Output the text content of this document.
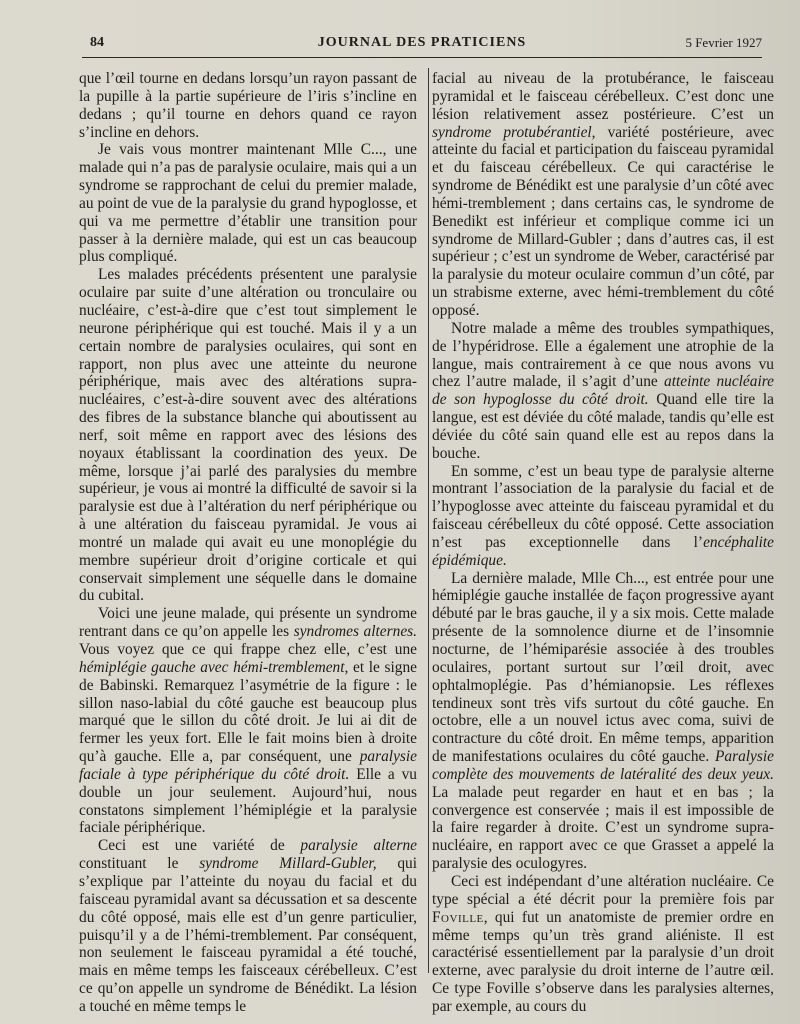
84	JOURNAL DES PRATICIENS	5 Fevrier 1927

que l’œil tourne en dedans lorsqu’un rayon passant de la pupille à la partie supérieure de l’iris s’incline en dedans ; qu’il tourne en dehors quand ce rayon s’incline en dehors.

Je vais vous montrer maintenant Mlle C..., une malade qui n’a pas de paralysie oculaire, mais qui a un syndrome se rapprochant de celui du premier malade, au point de vue de la paralysie du grand hypoglosse, et qui va me permettre d’établir une transition pour passer à la dernière malade, qui est un cas beaucoup plus compliqué.

Les malades précédents présentent une paralysie oculaire par suite d’une altération ou tronculaire ou nucléaire, c’est-à-dire que c’est tout simplement le neurone périphérique qui est touché. Mais il y a un certain nombre de paralysies oculaires, qui sont en rapport, non plus avec une atteinte du neurone périphérique, mais avec des altérations supra-nucléaires, c’est-à-dire souvent avec des altérations des fibres de la substance blanche qui aboutissent au nerf, soit même en rapport avec des lésions des noyaux établissant la coordination des yeux. De même, lorsque j’ai parlé des paralysies du membre supérieur, je vous ai montré la difficulté de savoir si la paralysie est due à l’altération du nerf périphérique ou à une altération du faisceau pyramidal. Je vous ai montré un malade qui avait eu une monoplégie du membre supérieur droit d’origine corticale et qui conservait simplement une séquelle dans le domaine du cubital.

Voici une jeune malade, qui présente un syndrome rentrant dans ce qu’on appelle les syndromes alternes. Vous voyez que ce qui frappe chez elle, c’est une hémiplégie gauche avec hémi-tremblement, et le signe de Babinski. Remarquez l’asymétrie de la figure : le sillon naso-labial du côté gauche est beaucoup plus marqué que le sillon du côté droit. Je lui ai dit de fermer les yeux fort. Elle le fait moins bien à droite qu’à gauche. Elle a, par conséquent, une paralysie faciale à type périphérique du côté droit. Elle a vu double un jour seulement. Aujourd’hui, nous constatons simplement l’hémiplégie et la paralysie faciale périphérique.

Ceci est une variété de paralysie alterne constituant le syndrome Millard-Gubler, qui s’explique par l’atteinte du noyau du facial et du faisceau pyramidal avant sa décussation et sa descente du côté opposé, mais elle est d’un genre particulier, puisqu’il y a de l’hémi-tremblement. Par conséquent, non seulement le faisceau pyramidal a été touché, mais en même temps les faisceaux cérébelleux. C’est ce qu’on appelle un syndrome de Bénédikt. La lésion a touché en même temps le

facial au niveau de la protubérance, le faisceau pyramidal et le faisceau cérébelleux. C’est donc une lésion relativement assez postérieure. C’est un syndrome protubérantiel, variété postérieure, avec atteinte du facial et participation du faisceau pyramidal et du faisceau cérébelleux. Ce qui caractérise le syndrome de Bénédikt est une paralysie d’un côté avec hémi-tremblement ; dans certains cas, le syndrome de Benedikt est inférieur et complique comme ici un syndrome de Millard-Gubler ; dans d’autres cas, il est supérieur ; c’est un syndrome de Weber, caractérisé par la paralysie du moteur oculaire commun d’un côté, par un strabisme externe, avec hémi-tremblement du côté opposé.

Notre malade a même des troubles sympathiques, de l’hypéridrose. Elle a également une atrophie de la langue, mais contrairement à ce que nous avons vu chez l’autre malade, il s’agit d’une atteinte nucléaire de son hypoglosse du côté droit. Quand elle tire la langue, est est déviée du côté malade, tandis qu’elle est déviée du côté sain quand elle est au repos dans la bouche.

En somme, c’est un beau type de paralysie alterne montrant l’association de la paralysie du facial et de l’hypoglosse avec atteinte du faisceau pyramidal et du faisceau cérébelleux du côté opposé. Cette association n’est pas exceptionnelle dans l’encéphalite épidémique.

La dernière malade, Mlle Ch..., est entrée pour une hémiplégie gauche installée de façon progressive ayant débuté par le bras gauche, il y a six mois. Cette malade présente de la somnolence diurne et de l’insomnie nocturne, de l’hémiparésie associée à des troubles oculaires, portant surtout sur l’œil droit, avec ophtalmoplégie. Pas d’hémianopsie. Les réflexes tendineux sont très vifs surtout du côté gauche. En octobre, elle a un nouvel ictus avec coma, suivi de contracture du côté droit. En même temps, apparition de manifestations oculaires du côté gauche. Paralysie complète des mouvements de latéralité des deux yeux. La malade peut regarder en haut et en bas ; la convergence est conservée ; mais il est impossible de la faire regarder à droite. C’est un syndrome supra-nucléaire, en rapport avec ce que Grasset a appelé la paralysie des oculogyres.

Ceci est indépendant d’une altération nucléaire. Ce type spécial a été décrit pour la première fois par Foville, qui fut un anatomiste de premier ordre en même temps qu’un très grand aliéniste. Il est caractérisé essentiellement par la paralysie d’un droit externe, avec paralysie du droit interne de l’autre œil. Ce type Foville s’observe dans les paralysies alternes, par exemple, au cours du
